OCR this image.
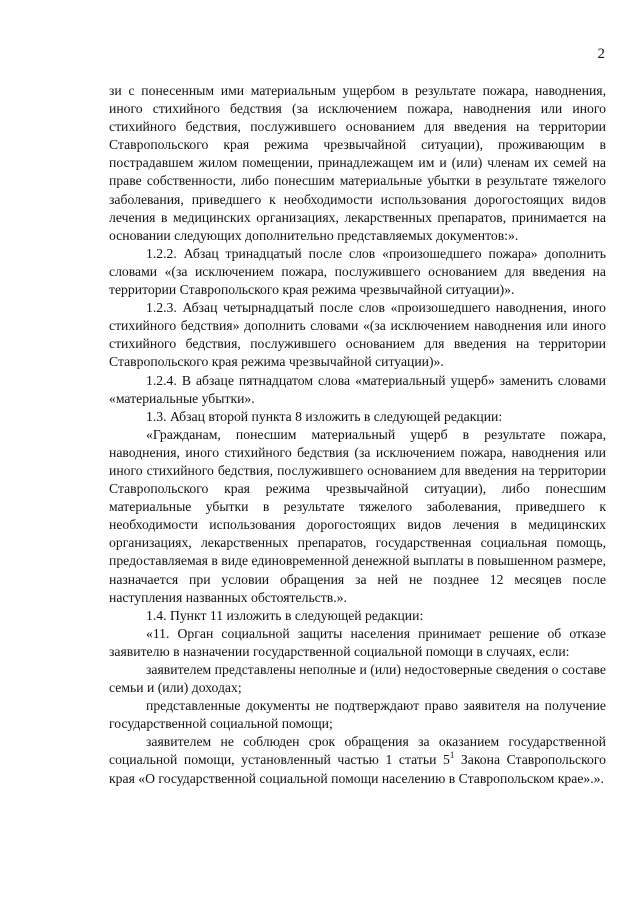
2

зи с понесенным ими материальным ущербом в результате пожара, наводнения, иного стихийного бедствия (за исключением пожара, наводнения или иного стихийного бедствия, послужившего основанием для введения на территории Ставропольского края режима чрезвычайной ситуации), проживающим в пострадавшем жилом помещении, принадлежащем им и (или) членам их семей на праве собственности, либо понесшим материальные убытки в результате тяжелого заболевания, приведшего к необходимости использования дорогостоящих видов лечения в медицинских организациях, лекарственных препаратов, принимается на основании следующих дополнительно представляемых документов:».

1.2.2. Абзац тринадцатый после слов «произошедшего пожара» дополнить словами «(за исключением пожара, послужившего основанием для введения на территории Ставропольского края режима чрезвычайной ситуации)».

1.2.3. Абзац четырнадцатый после слов «произошедшего наводнения, иного стихийного бедствия» дополнить словами «(за исключением наводнения или иного стихийного бедствия, послужившего основанием для введения на территории Ставропольского края режима чрезвычайной ситуации)».

1.2.4. В абзаце пятнадцатом слова «материальный ущерб» заменить словами «материальные убытки».

1.3. Абзац второй пункта 8 изложить в следующей редакции:

«Гражданам, понесшим материальный ущерб в результате пожара, наводнения, иного стихийного бедствия (за исключением пожара, наводнения или иного стихийного бедствия, послужившего основанием для введения на территории Ставропольского края режима чрезвычайной ситуации), либо понесшим материальные убытки в результате тяжелого заболевания, приведшего к необходимости использования дорогостоящих видов лечения в медицинских организациях, лекарственных препаратов, государственная социальная помощь, предоставляемая в виде единовременной денежной выплаты в повышенном размере, назначается при условии обращения за ней не позднее 12 месяцев после наступления названных обстоятельств.».

1.4. Пункт 11 изложить в следующей редакции:

«11. Орган социальной защиты населения принимает решение об отказе заявителю в назначении государственной социальной помощи в случаях, если:

заявителем представлены неполные и (или) недостоверные сведения о составе семьи и (или) доходах;

представленные документы не подтверждают право заявителя на получение государственной социальной помощи;

заявителем не соблюден срок обращения за оказанием государственной социальной помощи, установленный частью 1 статьи $5^1$ Закона Ставропольского края «О государственной социальной помощи населению в Ставропольском крае».».
